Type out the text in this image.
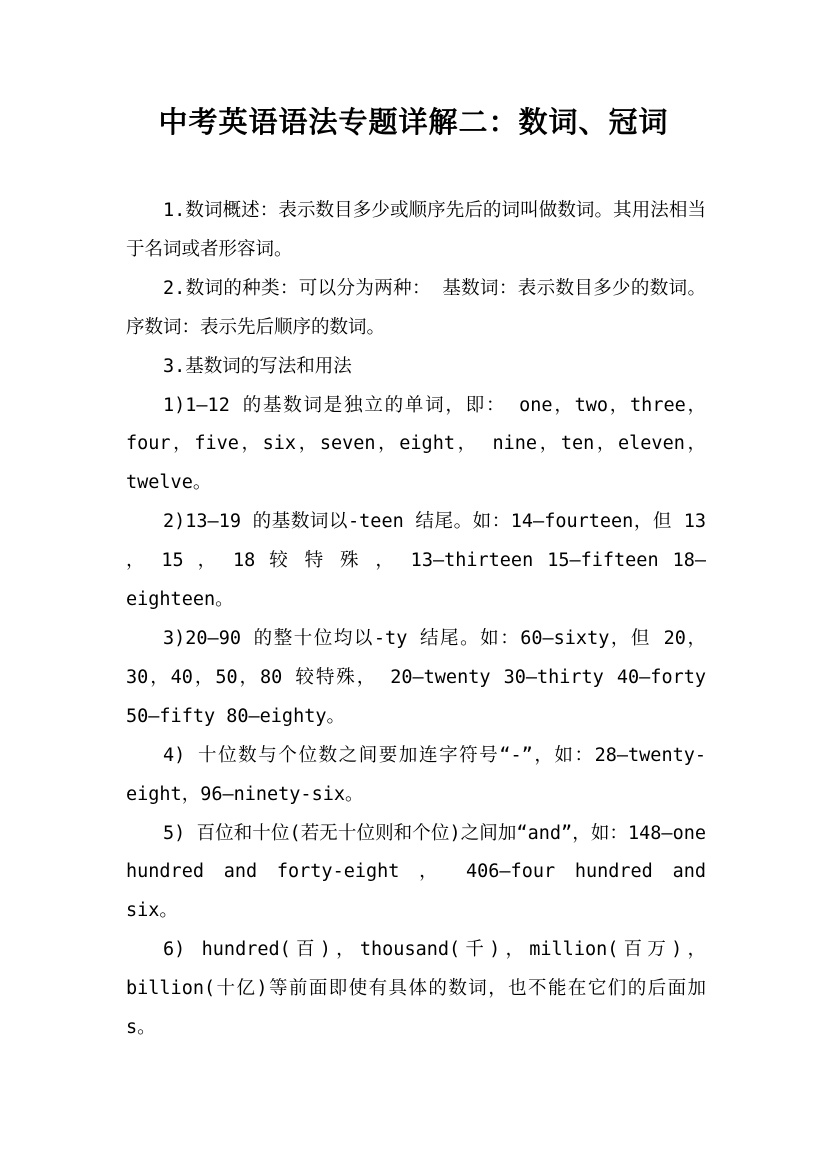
中考英语语法专题详解二：数词、冠词

1.数词概述：表示数目多少或顺序先后的词叫做数词。其用法相当于名词或者形容词。

2.数词的种类：可以分为两种： 基数词：表示数目多少的数词。序数词：表示先后顺序的数词。

3.基数词的写法和用法

1)1—12 的基数词是独立的单词，即： one，two，three，four，five，six，seven，eight， nine，ten，eleven，twelve。

2)13—19 的基数词以-teen 结尾。如：14—fourteen，但 13 ， 15 ， 18 较 特 殊 ， 13—thirteen 15—fifteen 18—eighteen。

3)20—90 的整十位均以-ty 结尾。如：60—sixty，但 20，30，40，50，80 较特殊， 20—twenty 30—thirty 40—forty 50—fifty 80—eighty。

4) 十位数与个位数之间要加连字符号“-”，如：28—twenty-eight，96—ninety-six。

5) 百位和十位(若无十位则和个位)之间加“and”，如：148—one hundred and forty-eight ， 406—four hundred and six。

6) hundred(百)，thousand(千)，million(百万)，billion(十亿)等前面即使有具体的数词，也不能在它们的后面加 s。
